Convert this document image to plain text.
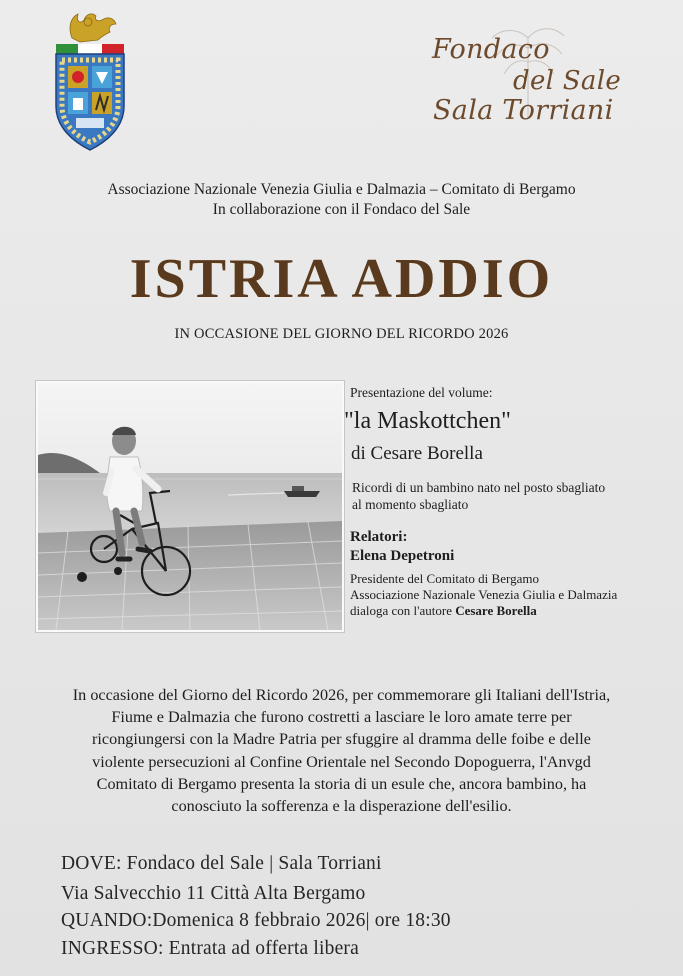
Fondaco
del Sale
Sala Torriani
Associazione Nazionale Venezia Giulia e Dalmazia – Comitato di Bergamo
In collaborazione con il Fondaco del Sale
ISTRIA ADDIO
IN OCCASIONE DEL GIORNO DEL RICORDO 2026
Presentazione del volume:
"la Maskottchen"
di Cesare Borella
Ricordi di un bambino nato nel posto sbagliato
al momento sbagliato
Relatori:
Elena Depetroni
Presidente del Comitato di Bergamo
Associazione Nazionale Venezia Giulia e Dalmazia
dialoga con l'autore Cesare Borella
In occasione del Giorno del Ricordo 2026, per commemorare gli Italiani dell'Istria,
Fiume e Dalmazia che furono costretti a lasciare le loro amate terre per
ricongiungersi con la Madre Patria per sfuggire al dramma delle foibe e delle
violente persecuzioni al Confine Orientale nel Secondo Dopoguerra, l'Anvgd
Comitato di Bergamo presenta la storia di un esule che, ancora bambino, ha
conosciuto la sofferenza e la disperazione dell'esilio.
DOVE: Fondaco del Sale | Sala Torriani
Via Salvecchio 11 Città Alta Bergamo
QUANDO:Domenica 8 febbraio 2026| ore 18:30
INGRESSO: Entrata ad offerta libera
